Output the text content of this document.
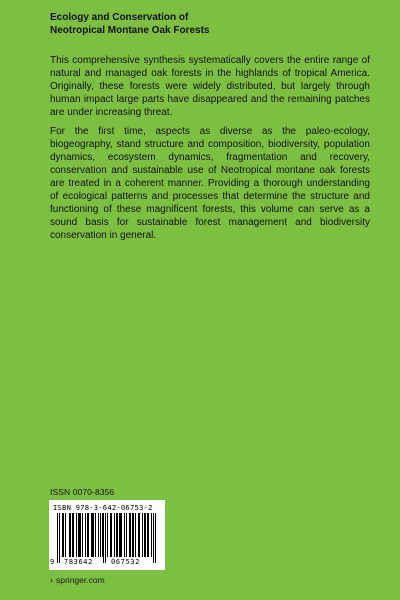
Ecology and Conservation of
Neotropical Montane Oak Forests

This comprehensive synthesis systematically covers the entire range of natural and managed oak forests in the highlands of tropical America. Originally, these forests were widely distributed, but largely through human impact large parts have disappeared and the remaining patches are under increasing threat.

For the first time, aspects as diverse as the paleo-ecology, biogeography, stand structure and composition, biodiversity, population dynamics, ecosystem dynamics, fragmentation and recovery, conservation and sustainable use of Neotropical montane oak forests are treated in a coherent manner. Providing a thorough understanding of ecological patterns and processes that determine the structure and functioning of these magnificent forests, this volume can serve as a sound basis for sustainable forest management and biodiversity conservation in general.

ISSN 0070-8356
ISBN 978-3-642-06753-2
9 783642	067532
› springer.com
